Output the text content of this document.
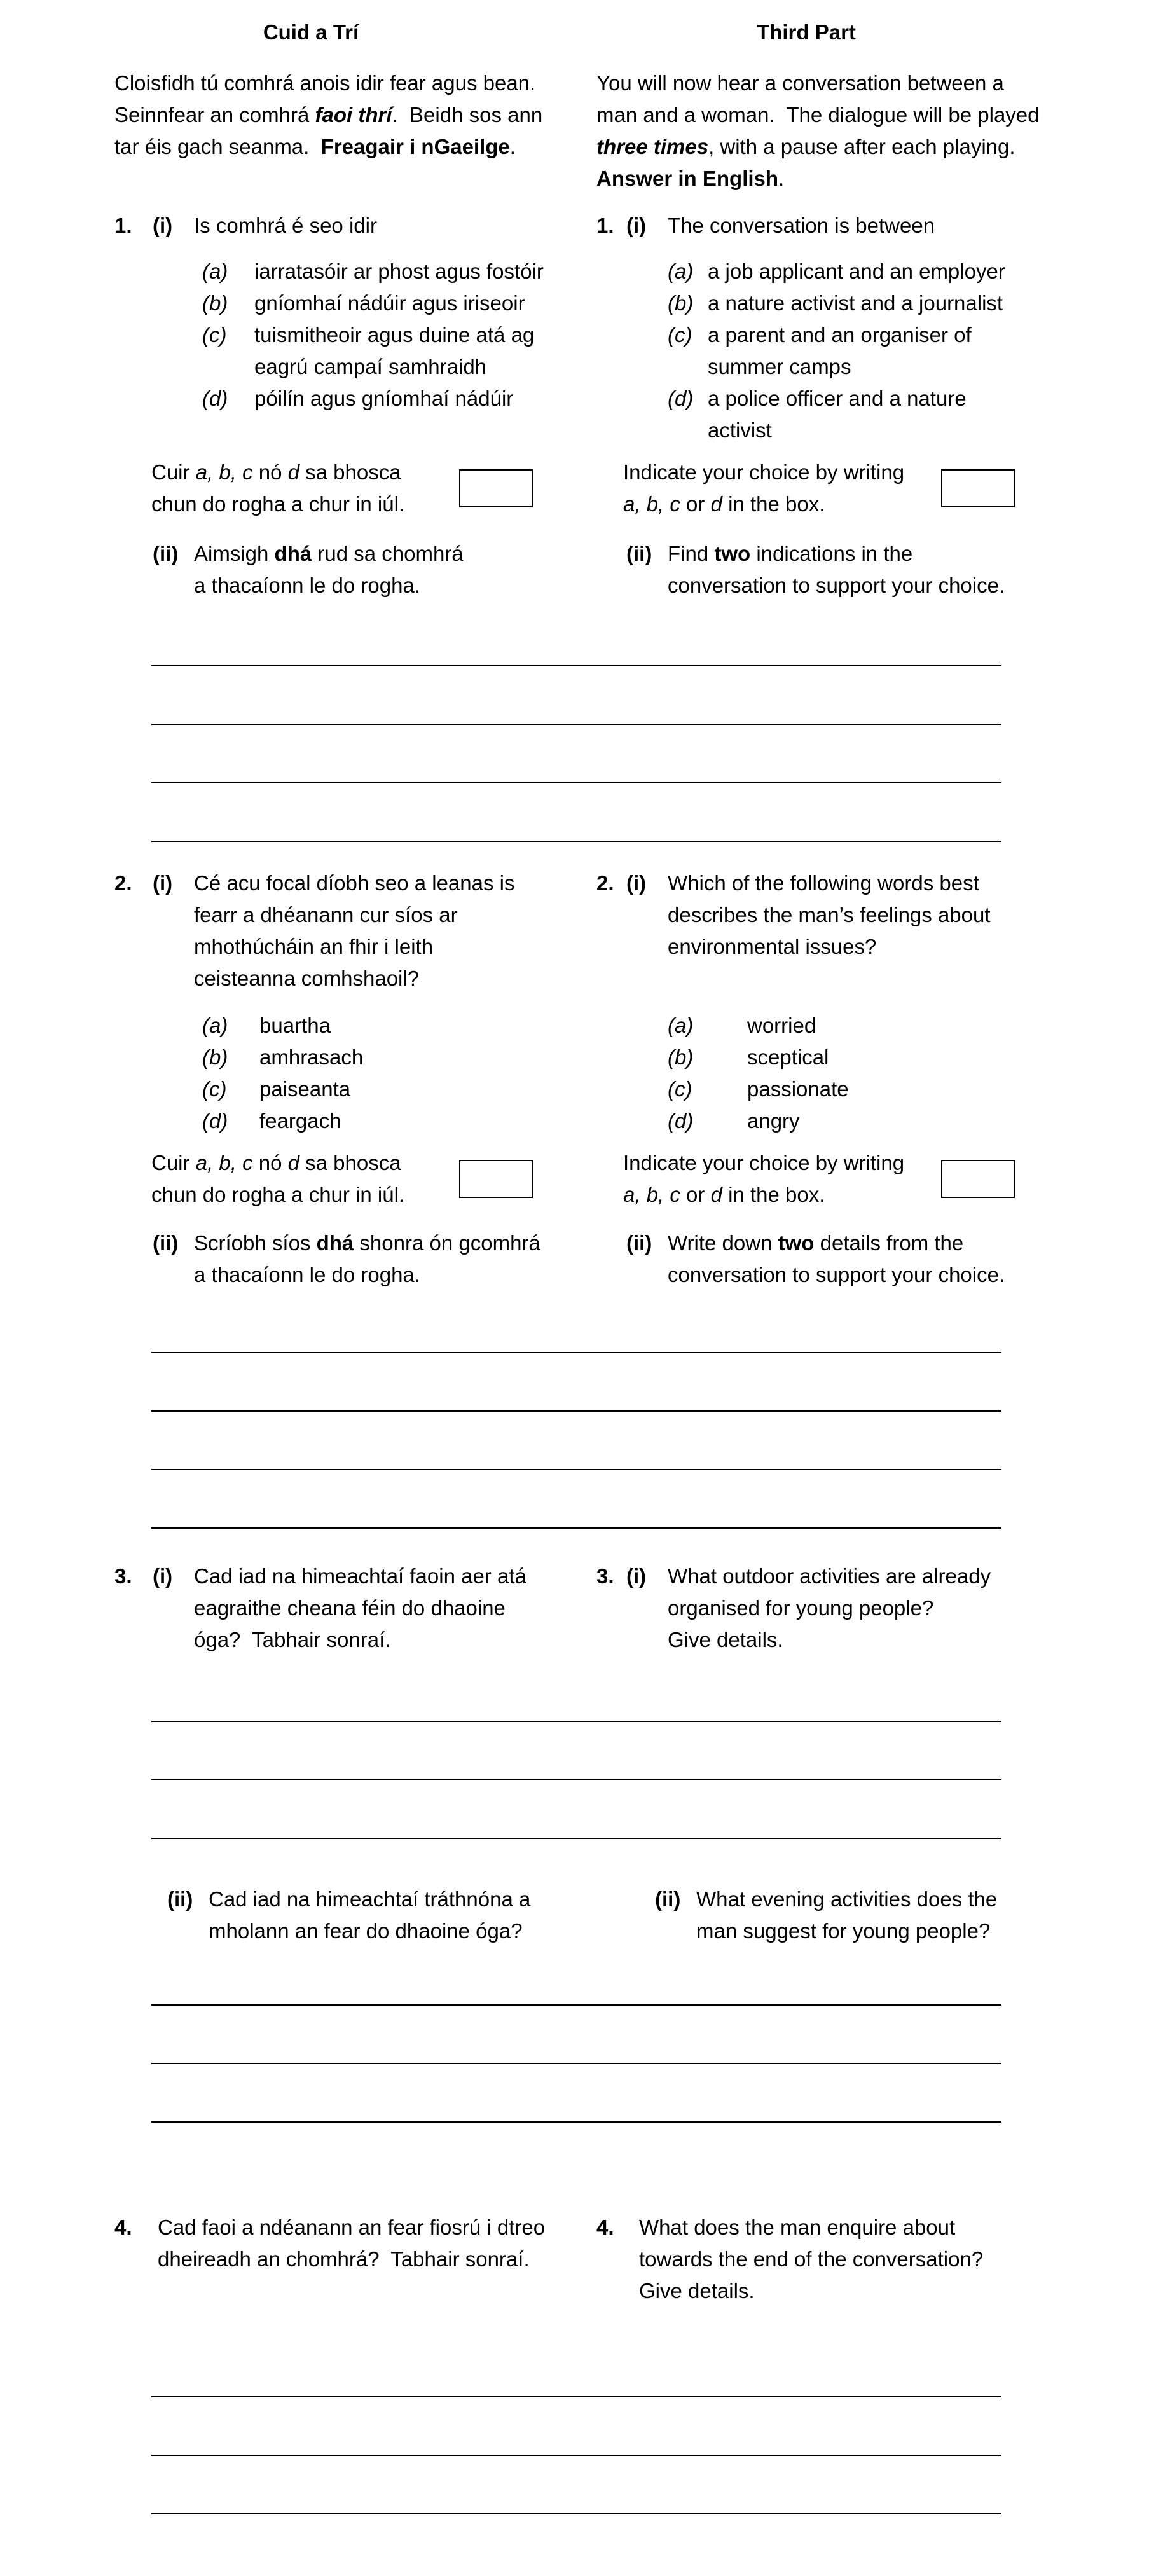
Cuid a Trí	Third Part
Cloisfidh tú comhrá anois idir fear agus bean.
Seinnfear an comhrá faoi thrí.  Beidh sos ann
tar éis gach seanma.  Freagair i nGaeilge.
You will now hear a conversation between a
man and a woman.  The dialogue will be played
three times, with a pause after each playing.
Answer in English.
1. (i)	Is comhrá é seo idir	1. (i)	The conversation is between
(a)	iarratasóir ar phost agus fostóir
(b)	gníomhaí nádúir agus iriseoir
(c)	tuismitheoir agus duine atá ag
eagrú campaí samhraidh
(d)	póilín agus gníomhaí nádúir
(a) a job applicant and an employer
(b) a nature activist and a journalist
(c) a parent and an organiser of
summer camps
(d) a police officer and a nature
activist
Cuir a, b, c nó d sa bhosca
chun do rogha a chur in iúl.
Indicate your choice by writing
a, b, c or d in the box.
(ii) Aimsigh dhá rud sa chomhrá
a thacaíonn le do rogha.
(ii) Find two indications in the
conversation to support your choice.
2. (i)	Cé acu focal díobh seo a leanas is
fearr a dhéanann cur síos ar
mhothúcháin an fhir i leith
ceisteanna comhshaoil?
2. (i)	Which of the following words best
describes the man’s feelings about
environmental issues?
(a)	buartha
(b)	amhrasach
(c)	paiseanta
(d)	feargach
(a)	worried
(b)	sceptical
(c)	passionate
(d)	angry
Cuir a, b, c nó d sa bhosca
chun do rogha a chur in iúl.
Indicate your choice by writing
a, b, c or d in the box.
(ii) Scríobh síos dhá shonra ón gcomhrá
a thacaíonn le do rogha.
(ii) Write down two details from the
conversation to support your choice.
3. (i)	Cad iad na himeachtaí faoin aer atá
eagraithe cheana féin do dhaoine
óga?  Tabhair sonraí.
3. (i)	What outdoor activities are already
organised for young people?
Give details.
(ii) Cad iad na himeachtaí tráthnóna a
mholann an fear do dhaoine óga?
(ii) What evening activities does the
man suggest for young people?
4.	Cad faoi a ndéanann an fear fiosrú i dtreo
dheireadh an chomhrá?  Tabhair sonraí.
4.	What does the man enquire about
towards the end of the conversation?
Give details.
